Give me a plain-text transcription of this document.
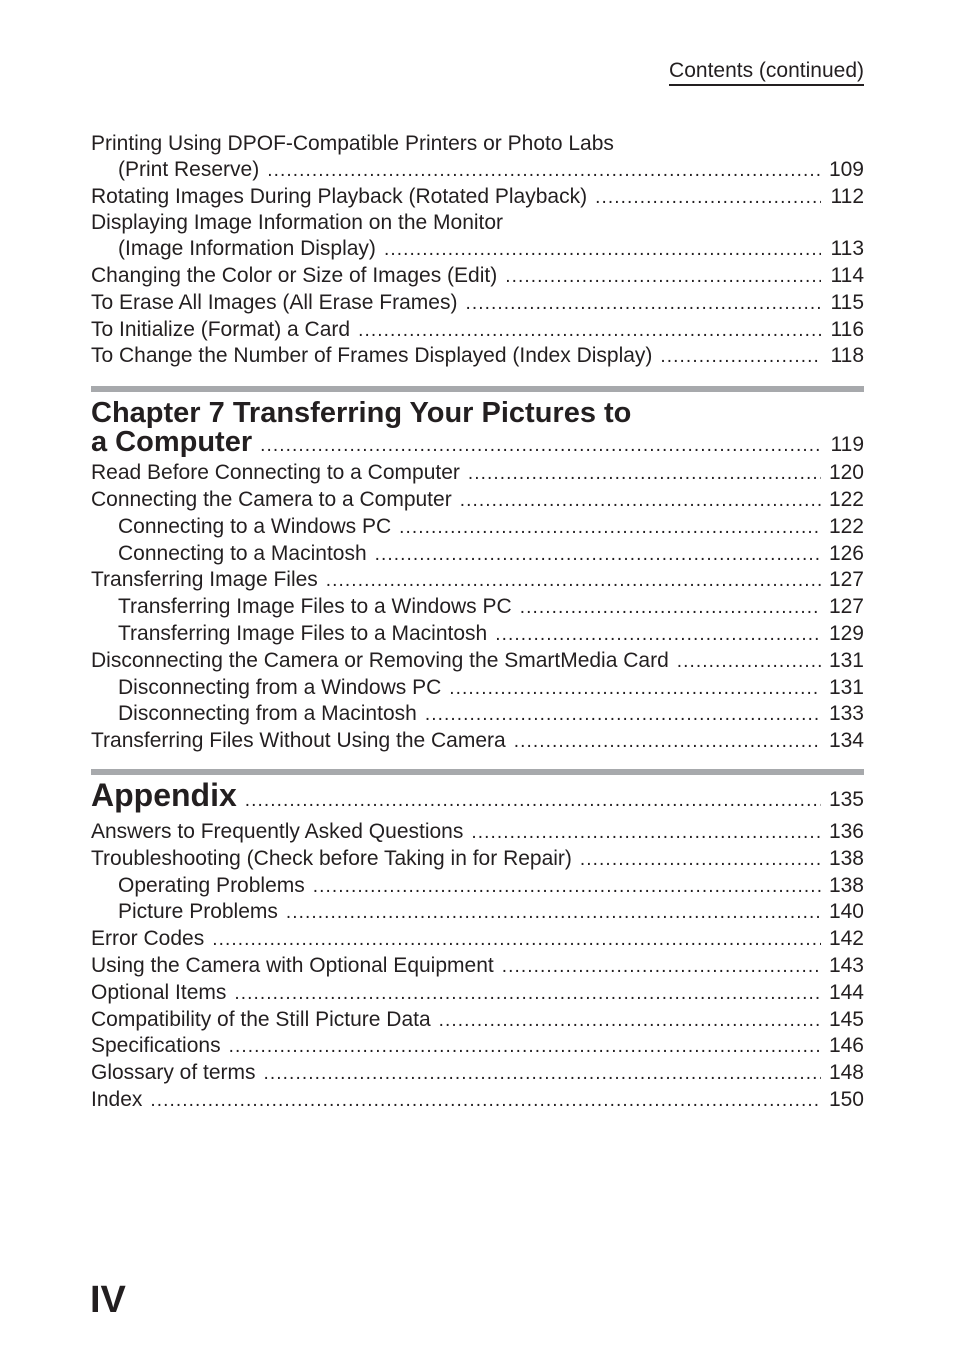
Contents (continued)
Printing Using DPOF-Compatible Printers or Photo Labs
(Print Reserve) .....	109
Rotating Images During Playback (Rotated Playback) .....	112
Displaying Image Information on the Monitor
(Image Information Display) .....	113
Changing the Color or Size of Images (Edit) .....	114
To Erase All Images (All Erase Frames) .....	115
To Initialize (Format) a Card .....	116
To Change the Number of Frames Displayed (Index Display) .....	118
Chapter 7 Transferring Your Pictures to
a Computer .....	119
Read Before Connecting to a Computer .....	120
Connecting the Camera to a Computer .....	122
Connecting to a Windows PC .....	122
Connecting to a Macintosh .....	126
Transferring Image Files .....	127
Transferring Image Files to a Windows PC .....	127
Transferring Image Files to a Macintosh .....	129
Disconnecting the Camera or Removing the SmartMedia Card .....	131
Disconnecting from a Windows PC .....	131
Disconnecting from a Macintosh .....	133
Transferring Files Without Using the Camera .....	134
Appendix .....	135
Answers to Frequently Asked Questions .....	136
Troubleshooting (Check before Taking in for Repair) .....	138
Operating Problems .....	138
Picture Problems .....	140
Error Codes .....	142
Using the Camera with Optional Equipment .....	143
Optional Items .....	144
Compatibility of the Still Picture Data .....	145
Specifications .....	146
Glossary of terms .....	148
Index .....	150
IV
